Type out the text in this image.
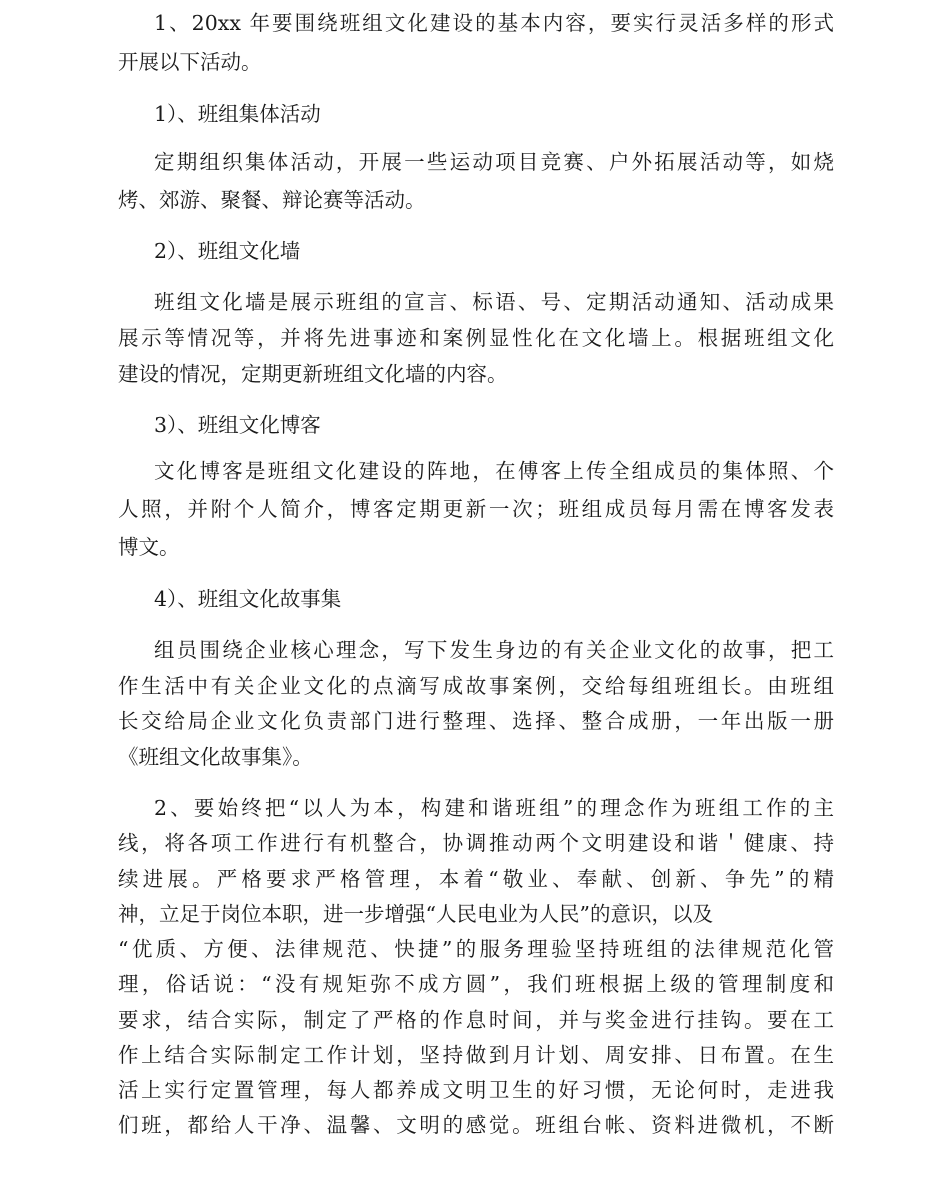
1、20xx 年要围绕班组文化建设的基本内容，要实行灵活多样的形式
开展以下活动。
1）、班组集体活动
定期组织集体活动，开展一些运动项目竞赛、户外拓展活动等，如烧
烤、郊游、聚餐、辩论赛等活动。
2）、班组文化墙
班组文化墙是展示班组的宣言、标语、号、定期活动通知、活动成果
展示等情况等，并将先进事迹和案例显性化在文化墙上。根据班组文化
建设的情况，定期更新班组文化墙的内容。
3）、班组文化博客
文化博客是班组文化建设的阵地，在傅客上传全组成员的集体照、个
人照，并附个人简介，博客定期更新一次；班组成员每月需在博客发表
博文。
4）、班组文化故事集
组员围绕企业核心理念，写下发生身边的有关企业文化的故事，把工
作生活中有关企业文化的点滴写成故事案例，交给每组班组长。由班组
长交给局企业文化负责部门进行整理、选择、整合成册，一年出版一册
《班组文化故事集》。
2、要始终把“以人为本，构建和谐班组”的理念作为班组工作的主
线，将各项工作进行有机整合，协调推动两个文明建设和谐＇健康、持
续进展。严格要求严格管理，本着“敬业、奉献、创新、争先”的精
神，立足于岗位本职，进一步增强“人民电业为人民”的意识，以及
“优质、方便、法律规范、快捷”的服务理验坚持班组的法律规范化管
理，俗话说：“没有规矩弥不成方圆”，我们班根据上级的管理制度和
要求，结合实际，制定了严格的作息时间，并与奖金进行挂钩。要在工
作上结合实际制定工作计划，坚持做到月计划、周安排、日布置。在生
活上实行定置管理，每人都养成文明卫生的好习惯，无论何时，走进我
们班，都给人干净、温馨、文明的感觉。班组台帐、资料进微机，不断
